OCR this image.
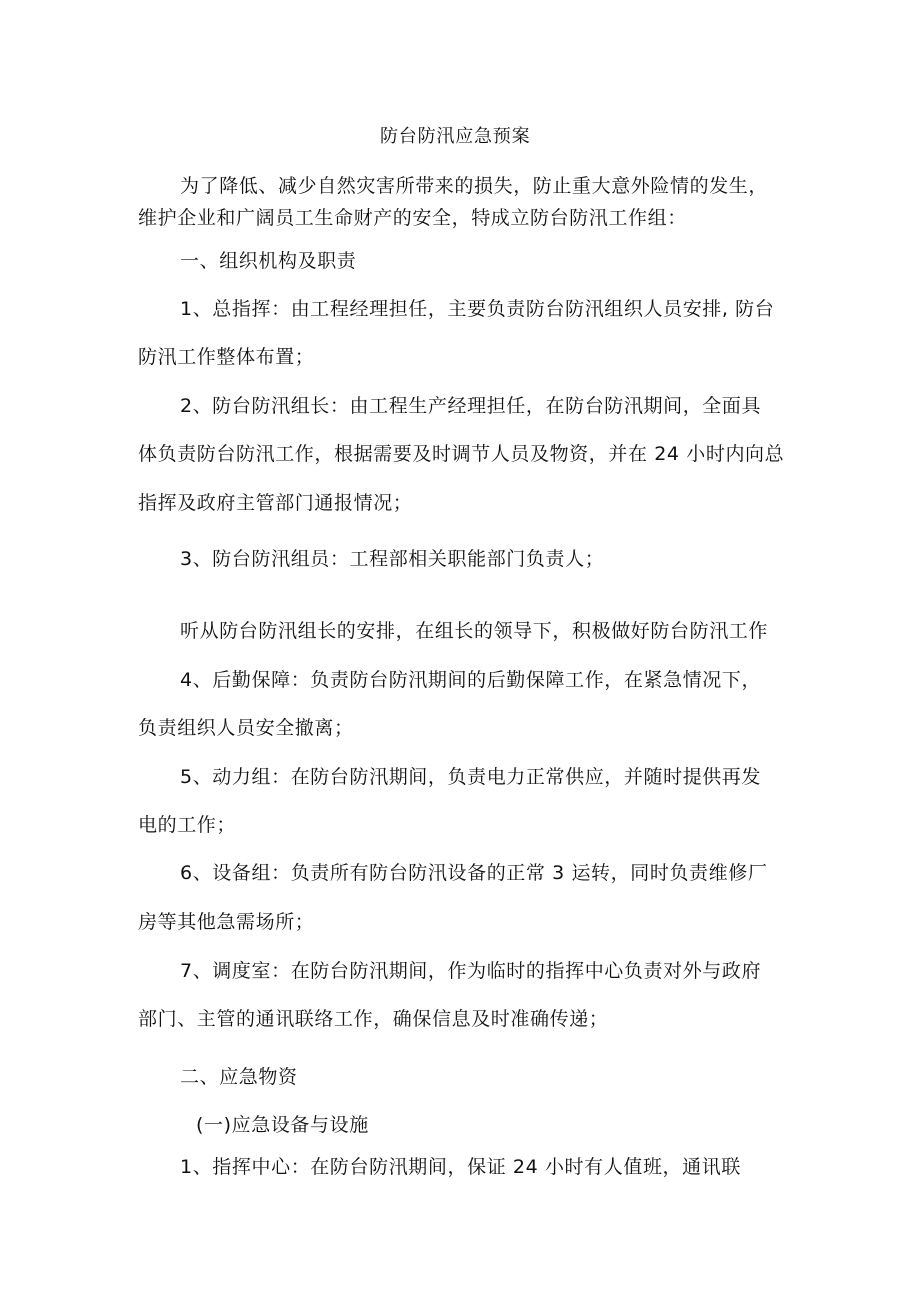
防台防汛应急预案
为了降低、减少自然灾害所带来的损失，防止重大意外险情的发生，
维护企业和广阔员工生命财产的安全，特成立防台防汛工作组：
一、组织机构及职责
1、总指挥：由工程经理担任，主要负责防台防汛组织人员安排, 防台
防汛工作整体布置；
2、防台防汛组长：由工程生产经理担任，在防台防汛期间，全面具
体负责防台防汛工作，根据需要及时调节人员及物资，并在 24 小时内向总
指挥及政府主管部门通报情况；
3、防台防汛组员：工程部相关职能部门负责人；
听从防台防汛组长的安排，在组长的领导下，积极做好防台防汛工作
4、后勤保障：负责防台防汛期间的后勤保障工作，在紧急情况下，
负责组织人员安全撤离；
5、动力组：在防台防汛期间，负责电力正常供应，并随时提供再发
电的工作；
6、设备组：负责所有防台防汛设备的正常 3 运转，同时负责维修厂
房等其他急需场所；
7、调度室：在防台防汛期间，作为临时的指挥中心负责对外与政府
部门、主管的通讯联络工作，确保信息及时准确传递；
二、应急物资
(一)应急设备与设施
1、指挥中心：在防台防汛期间，保证 24 小时有人值班，通讯联
